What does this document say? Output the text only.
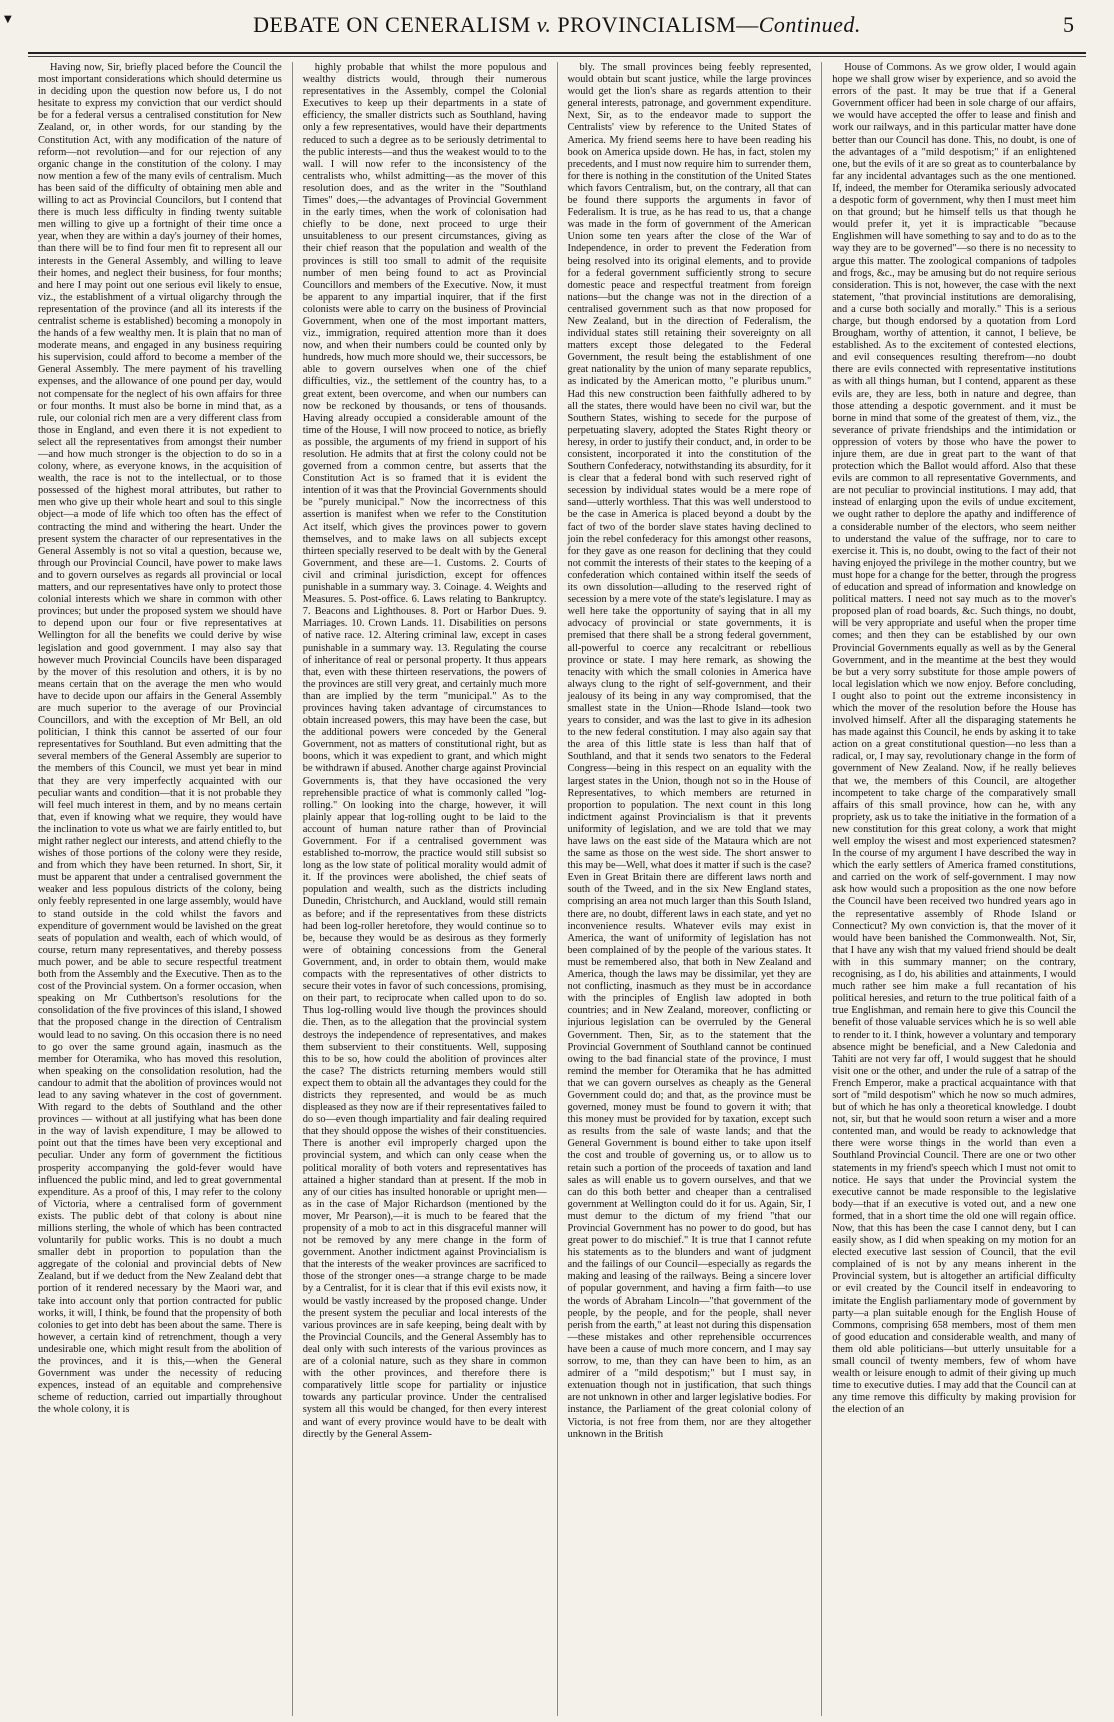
▼	DEBATE ON CENERALISM v. PROVINCIALISM—Continued.	5

Having now, Sir, briefly placed before the Council the most important considerations which should determine us in deciding upon the question now before us, I do not hesitate to express my conviction that our verdict should be for a federal versus a centralised constitution for New Zealand, or, in other words, for our standing by the Constitution Act, with any modification of the nature of reform—not revolution—and for our rejection of any organic change in the constitution of the colony. I may now mention a few of the many evils of centralism. Much has been said of the difficulty of obtaining men able and willing to act as Provincial Councilors, but I contend that there is much less difficulty in finding twenty suitable men willing to give up a fortnight of their time once a year, when they are within a day's journey of their homes, than there will be to find four men fit to represent all our interests in the General Assembly, and willing to leave their homes, and neglect their business, for four months; and here I may point out one serious evil likely to ensue, viz., the establishment of a virtual oligarchy through the representation of the province (and all its interests if the centralist scheme is established) becoming a monopoly in the hands of a few wealthy men. It is plain that no man of moderate means, and engaged in any business requiring his supervision, could afford to become a member of the General Assembly. The mere payment of his travelling expenses, and the allowance of one pound per day, would not compensate for the neglect of his own affairs for three or four months. It must also be borne in mind that, as a rule, our colonial rich men are a very different class from those in England, and even there it is not expedient to select all the representatives from amongst their number—and how much stronger is the objection to do so in a colony, where, as everyone knows, in the acquisition of wealth, the race is not to the intellectual, or to those possessed of the highest moral attributes, but rather to men who give up their whole heart and soul to this single object—a mode of life which too often has the effect of contracting the mind and withering the heart. Under the present system the character of our representatives in the General Assembly is not so vital a question, because we, through our Provincial Council, have power to make laws and to govern ourselves as regards all provincial or local matters, and our representatives have only to protect those colonial interests which we share in common with other provinces; but under the proposed system we should have to depend upon our four or five representatives at Wellington for all the benefits we could derive by wise legislation and good government. I may also say that however much Provincial Councils have been disparaged by the mover of this resolution and others, it is by no means certain that on the average the men who would have to decide upon our affairs in the General Assembly are much superior to the average of our Provincial Councillors, and with the exception of Mr Bell, an old politician, I think this cannot be asserted of our four representatives for Southland. But even admitting that the several members of the General Assembly are superior to the members of this Council, we must yet bear in mind that they are very imperfectly acquainted with our peculiar wants and condition—that it is not probable they will feel much interest in them, and by no means certain that, even if knowing what we require, they would have the inclination to vote us what we are fairly entitled to, but might rather neglect our interests, and attend chiefly to the wishes of those portions of the colony were they reside, and from which they have been returned. In short, Sir, it must be apparent that under a centralised government the weaker and less populous districts of the colony, being only feebly represented in one large assembly, would have to stand outside in the cold whilst the favors and expenditure of government would be lavished on the great seats of population and wealth, each of which would, of course, return many representatives, and thereby possess much power, and be able to secure respectful treatment both from the Assembly and the Executive. Then as to the cost of the Provincial system. On a former occasion, when speaking on Mr Cuthbertson's resolutions for the consolidation of the five provinces of this island, I showed that the proposed change in the direction of Centralism would lead to no saving. On this occasion there is no need to go over the same ground again, inasmuch as the member for Oteramika, who has moved this resolution, when speaking on the consolidation resolution, had the candour to admit that the abolition of provinces would not lead to any saving whatever in the cost of government. With regard to the debts of Southland and the other provinces — without at all justifying what has been done in the way of lavish expenditure, I may be allowed to point out that the times have been very exceptional and peculiar. Under any form of government the fictitious prosperity accompanying the gold-fever would have influenced the public mind, and led to great governmental expenditure. As a proof of this, I may refer to the colony of Victoria, where a centralised form of government exists. The public debt of that colony is about nine millions sterling, the whole of which has been contracted voluntarily for public works. This is no doubt a much smaller debt in proportion to population than the aggregate of the colonial and provincial debts of New Zealand, but if we deduct from the New Zealand debt that portion of it rendered necessary by the Maori war, and take into account only that portion contracted for public works, it will, I think, be found that the propensity of both colonies to get into debt has been about the same. There is however, a certain kind of retrenchment, though a very undesirable one, which might result from the abolition of the provinces, and it is this,—when the General Government was under the necessity of reducing expences, instead of an equitable and comprehensive scheme of reduction, carried out impartially throughout the whole colony, it is

highly probable that whilst the more populous and wealthy districts would, through their numerous representatives in the Assembly, compel the Colonial Executives to keep up their departments in a state of efficiency, the smaller districts such as Southland, having only a few representatives, would have their departments reduced to such a degree as to be seriously detrimental to the public interests—and thus the weakest would to to the wall. I will now refer to the inconsistency of the centralists who, whilst admitting—as the mover of this resolution does, and as the writer in the "Southland Times" does,—the advantages of Provincial Government in the early times, when the work of colonisation had chiefly to be done, next proceed to urge their unsuitableness to our present circumstances, giving as their chief reason that the population and wealth of the provinces is still too small to admit of the requisite number of men being found to act as Provincial Councillors and members of the Executive. Now, it must be apparent to any impartial inquirer, that if the first colonists were able to carry on the business of Provincial Government, when one of the most important matters, viz., immigration, required attention more than it does now, and when their numbers could be counted only by hundreds, how much more should we, their successors, be able to govern ourselves when one of the chief difficulties, viz., the settlement of the country has, to a great extent, been overcome, and when our numbers can now be reckoned by thousands, or tens of thousands. Having already occupied a considerable amount of the time of the House, I will now proceed to notice, as briefly as possible, the arguments of my friend in support of his resolution. He admits that at first the colony could not be governed from a common centre, but asserts that the Constitution Act is so framed that it is evident the intention of it was that the Provincial Governments should be "purely municipal." Now the incorrectness of this assertion is manifest when we refer to the Constitution Act itself, which gives the provinces power to govern themselves, and to make laws on all subjects except thirteen specially reserved to be dealt with by the General Government, and these are—1. Customs. 2. Courts of civil and criminal jurisdiction, except for offences punishable in a summary way. 3. Coinage. 4. Weights and Measures. 5. Post-office. 6. Laws relating to Bankruptcy. 7. Beacons and Lighthouses. 8. Port or Harbor Dues. 9. Marriages. 10. Crown Lands. 11. Disabilities on persons of native race. 12. Altering criminal law, except in cases punishable in a summary way. 13. Regulating the course of inheritance of real or personal property. It thus appears that, even with these thirteen reservations, the powers of the provinces are still very great, and certainly much more than are implied by the term "municipal." As to the provinces having taken advantage of circumstances to obtain increased powers, this may have been the case, but the additional powers were conceded by the General Government, not as matters of constitutional right, but as boons, which it was expedient to grant, and which might be withdrawn if abused. Another charge against Provincial Governments is, that they have occasioned the very reprehensible practice of what is commonly called "log-rolling." On looking into the charge, however, it will plainly appear that log-rolling ought to be laid to the account of human nature rather than of Provincial Government. For if a centralised government was established to-morrow, the practice would still subsist so long as the low state of political morality would admit of it. If the provinces were abolished, the chief seats of population and wealth, such as the districts including Dunedin, Christchurch, and Auckland, would still remain as before; and if the representatives from these districts had been log-roller heretofore, they would continue so to be, because they would be as desirous as they formerly were of obtaining concessions from the General Government, and, in order to obtain them, would make compacts with the representatives of other districts to secure their votes in favor of such concessions, promising, on their part, to reciprocate when called upon to do so. Thus log-rolling would live though the provinces should die. Then, as to the allegation that the provincial system destroys the independence of representatives, and makes them subservient to their constituents. Well, supposing this to be so, how could the abolition of provinces alter the case? The districts returning members would still expect them to obtain all the advantages they could for the districts they represented, and would be as much displeased as they now are if their representatives failed to do so—even though impartiality and fair dealing required that they should oppose the wishes of their constituencies. There is another evil improperly charged upon the provincial system, and which can only cease when the political morality of both voters and representatives has attained a higher standard than at present. If the mob in any of our cities has insulted honorable or upright men—as in the case of Major Richardson (mentioned by the mover, Mr Pearson),—it is much to be feared that the propensity of a mob to act in this disgraceful manner will not be removed by any mere change in the form of government. Another indictment against Provincialism is that the interests of the weaker provinces are sacrificed to those of the stronger ones—a strange charge to be made by a Centralist, for it is clear that if this evil exists now, it would be vastly increased by the proposed change. Under the present system the peculiar and local interests of the various provinces are in safe keeping, being dealt with by the Provincial Councils, and the General Assembly has to deal only with such interests of the various provinces as are of a colonial nature, such as they share in common with the other provinces, and therefore there is comparatively little scope for partiality or injustice towards any particular province. Under the centralised system all this would be changed, for then every interest and want of every province would have to be dealt with directly by the General Assem-

bly. The small provinces being feebly represented, would obtain but scant justice, while the large provinces would get the lion's share as regards attention to their general interests, patronage, and government expenditure. Next, Sir, as to the endeavor made to support the Centralists' view by reference to the United States of America. My friend seems here to have been reading his book on America upside down. He has, in fact, stolen my precedents, and I must now require him to surrender them, for there is nothing in the constitution of the United States which favors Centralism, but, on the contrary, all that can be found there supports the arguments in favor of Federalism. It is true, as he has read to us, that a change was made in the form of government of the American Union some ten years after the close of the War of Independence, in order to prevent the Federation from being resolved into its original elements, and to provide for a federal government sufficiently strong to secure domestic peace and respectful treatment from foreign nations—but the change was not in the direction of a centralised government such as that now proposed for New Zealand, but in the direction of Federalism, the individual states still retaining their sovereignty on all matters except those delegated to the Federal Government, the result being the establishment of one great nationality by the union of many separate republics, as indicated by the American motto, "e pluribus unum." Had this new construction been faithfully adhered to by all the states, there would have been no civil war, but the Southern States, wishing to secede for the purpose of perpetuating slavery, adopted the States Right theory or heresy, in order to justify their conduct, and, in order to be consistent, incorporated it into the constitution of the Southern Confederacy, notwithstanding its absurdity, for it is clear that a federal bond with such reserved right of secession by individual states would be a mere rope of sand—utterly worthless. That this was well understood to be the case in America is placed beyond a doubt by the fact of two of the border slave states having declined to join the rebel confederacy for this amongst other reasons, for they gave as one reason for declining that they could not commit the interests of their states to the keeping of a confederation which contained within itself the seeds of its own dissolution—alluding to the reserved right of secession by a mere vote of the state's legislature. I may as well here take the opportunity of saying that in all my advocacy of provincial or state governments, it is premised that there shall be a strong federal government, all-powerful to coerce any recalcitrant or rebellious province or state. I may here remark, as showing the tenacity with which the small colonies in America have always clung to the right of self-government, and their jealousy of its being in any way compromised, that the smallest state in the Union—Rhode Island—took two years to consider, and was the last to give in its adhesion to the new federal constitution. I may also again say that the area of this little state is less than half that of Southland, and that it sends two senators to the Federal Congress—being in this respect on an equality with the largest states in the Union, though not so in the House of Representatives, to which members are returned in proportion to population. The next count in this long indictment against Provincialism is that it prevents uniformity of legislation, and we are told that we may have laws on the east side of the Mataura which are not the same as those on the west side. The short answer to this may be—Well, what does it matter if such is the case? Even in Great Britain there are different laws north and south of the Tweed, and in the six New England states, comprising an area not much larger than this South Island, there are, no doubt, different laws in each state, and yet no inconvenience results. Whatever evils may exist in America, the want of uniformity of legislation has not been complained of by the people of the various states. It must be remembered also, that both in New Zealand and America, though the laws may be dissimilar, yet they are not conflicting, inasmuch as they must be in accordance with the principles of English law adopted in both countries; and in New Zealand, moreover, conflicting or injurious legislation can be overruled by the General Government. Then, Sir, as to the statement that the Provincial Government of Southland cannot be continued owing to the bad financial state of the province, I must remind the member for Oteramika that he has admitted that we can govern ourselves as cheaply as the General Government could do; and that, as the province must be governed, money must be found to govern it with; that this money must be provided for by taxation, except such as results from the sale of waste lands; and that the General Government is bound either to take upon itself the cost and trouble of governing us, or to allow us to retain such a portion of the proceeds of taxation and land sales as will enable us to govern ourselves, and that we can do this both better and cheaper than a centralised government at Wellington could do it for us. Again, Sir, I must demur to the dictum of my friend "that our Provincial Government has no power to do good, but has great power to do mischief." It is true that I cannot refute his statements as to the blunders and want of judgment and the failings of our Council—especially as regards the making and leasing of the railways. Being a sincere lover of popular government, and having a firm faith—to use the words of Abraham Lincoln—"that government of the people, by the people, and for the people, shall never perish from the earth," at least not during this dispensation—these mistakes and other reprehensible occurrences have been a cause of much more concern, and I may say sorrow, to me, than they can have been to him, as an admirer of a "mild despotism;" but I must say, in extenuation though not in justification, that such things are not unknown in other and larger legislative bodies. For instance, the Parliament of the great colonial colony of Victoria, is not free from them, nor are they altogether unknown in the British

House of Commons. As we grow older, I would again hope we shall grow wiser by experience, and so avoid the errors of the past. It may be true that if a General Government officer had been in sole charge of our affairs, we would have accepted the offer to lease and finish and work our railways, and in this particular matter have done better than our Council has done. This, no doubt, is one of the advantages of a "mild despotism;" if an enlightened one, but the evils of it are so great as to counterbalance by far any incidental advantages such as the one mentioned. If, indeed, the member for Oteramika seriously advocated a despotic form of government, why then I must meet him on that ground; but he himself tells us that though he would prefer it, yet it is impracticable "because Englishmen will have something to say and to do as to the way they are to be governed"—so there is no necessity to argue this matter. The zoological companions of tadpoles and frogs, &c., may be amusing but do not require serious consideration. This is not, however, the case with the next statement, "that provincial institutions are demoralising, and a curse both socially and morally." This is a serious charge, but though endorsed by a quotation from Lord Brougham, worthy of attention, it cannot, I believe, be established. As to the excitement of contested elections, and evil consequences resulting therefrom—no doubt there are evils connected with representative institutions as with all things human, but I contend, apparent as these evils are, they are less, both in nature and degree, than those attending a despotic government. and it must be borne in mind that some of the greatest of them, viz., the severance of private friendships and the intimidation or oppression of voters by those who have the power to injure them, are due in great part to the want of that protection which the Ballot would afford. Also that these evils are common to all representative Governments, and are not peculiar to provincial institutions. I may add, that instead of enlarging upon the evils of undue excitement, we ought rather to deplore the apathy and indifference of a considerable number of the electors, who seem neither to understand the value of the suffrage, nor to care to exercise it. This is, no doubt, owing to the fact of their not having enjoyed the privilege in the mother country, but we must hope for a change for the better, through the progress of education and spread of information and knowledge on political matters. I need not say much as to the mover's proposed plan of road boards, &c. Such things, no doubt, will be very appropriate and useful when the proper time comes; and then they can be established by our own Provincial Governments equally as well as by the General Government, and in the meantime at the best they would be but a very sorry substitute for those ample powers of local legislation which we now enjoy. Before concluding, I ought also to point out the extreme inconsistency in which the mover of the resolution before the House has involved himself. After all the disparaging statements he has made against this Council, he ends by asking it to take action on a great constitutional question—no less than a radical, or, I may say, revolutionary change in the form of government of New Zealand. Now, if he really believes that we, the members of this Council, are altogether incompetent to take charge of the comparatively small affairs of this small province, how can he, with any propriety, ask us to take the initiative in the formation of a new constitution for this great colony, a work that might well employ the wisest and most experienced statesmen? In the course of my argument I have described the way in which the early settlers of America framed constitutions, and carried on the work of self-government. I may now ask how would such a proposition as the one now before the Council have been received two hundred years ago in the representative assembly of Rhode Island or Connecticut? My own conviction is, that the mover of it would have been banished the Commonwealth. Not, Sir, that I have any wish that my valued friend should be dealt with in this summary manner; on the contrary, recognising, as I do, his abilities and attainments, I would much rather see him make a full recantation of his political heresies, and return to the true political faith of a true Englishman, and remain here to give this Council the benefit of those valuable services which he is so well able to render to it. I think, however a voluntary and temporary absence might be beneficial, and a New Caledonia and Tahiti are not very far off, I would suggest that he should visit one or the other, and under the rule of a satrap of the French Emperor, make a practical acquaintance with that sort of "mild despotism" which he now so much admires, but of which he has only a theoretical knowledge. I doubt not, sir, but that he would soon return a wiser and a more contented man, and would be ready to acknowledge that there were worse things in the world than even a Southland Provincial Council. There are one or two other statements in my friend's speech which I must not omit to notice. He says that under the Provincial system the executive cannot be made responsible to the legislative body—that if an executive is voted out, and a new one formed, that in a short time the old one will regain office. Now, that this has been the case I cannot deny, but I can easily show, as I did when speaking on my motion for an elected executive last session of Council, that the evil complained of is not by any means inherent in the Provincial system, but is altogether an artificial difficulty or evil created by the Council itself in endeavoring to imitate the English parliamentary mode of government by party—a plan suitable enough for the English House of Commons, comprising 658 members, most of them men of good education and considerable wealth, and many of them old able politicians—but utterly unsuitable for a small council of twenty members, few of whom have wealth or leisure enough to admit of their giving up much time to executive duties. I may add that the Council can at any time remove this difficulty by making provision for the election of an
